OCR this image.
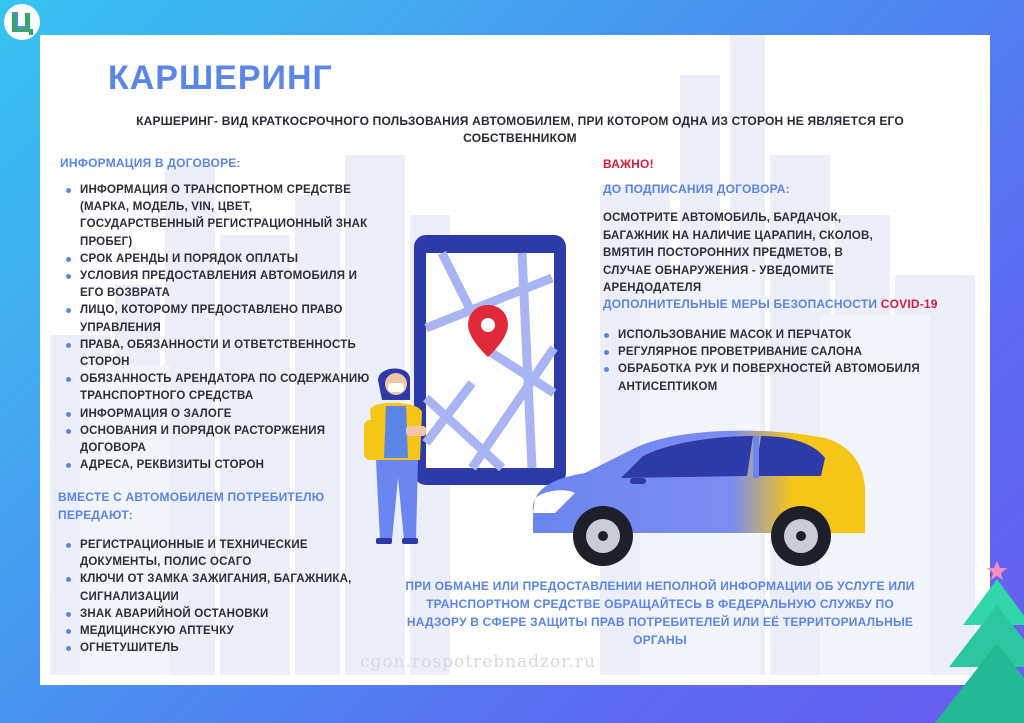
КАРШЕРИНГ
КАРШЕРИНГ- ВИД КРАТКОСРОЧНОГО ПОЛЬЗОВАНИЯ АВТОМОБИЛЕМ, ПРИ КОТОРОМ ОДНА ИЗ СТОРОН НЕ ЯВЛЯЕТСЯ ЕГО СОБСТВЕННИКОМ
ИНФОРМАЦИЯ В ДОГОВОРЕ:
ИНФОРМАЦИЯ О ТРАНСПОРТНОМ СРЕДСТВЕ (МАРКА, МОДЕЛЬ, VIN, ЦВЕТ, ГОСУДАРСТВЕННЫЙ РЕГИСТРАЦИОННЫЙ ЗНАК ПРОБЕГ)
СРОК АРЕНДЫ И ПОРЯДОК ОПЛАТЫ
УСЛОВИЯ ПРЕДОСТАВЛЕНИЯ АВТОМОБИЛЯ И ЕГО ВОЗВРАТА
ЛИЦО, КОТОРОМУ ПРЕДОСТАВЛЕНО ПРАВО УПРАВЛЕНИЯ
ПРАВА, ОБЯЗАННОСТИ И ОТВЕТСТВЕННОСТЬ СТОРОН
ОБЯЗАННОСТЬ АРЕНДАТОРА ПО СОДЕРЖАНИЮ ТРАНСПОРТНОГО СРЕДСТВА
ИНФОРМАЦИЯ О ЗАЛОГЕ
ОСНОВАНИЯ И ПОРЯДОК РАСТОРЖЕНИЯ ДОГОВОРА
АДРЕСА, РЕКВИЗИТЫ СТОРОН
ВМЕСТЕ С АВТОМОБИЛЕМ ПОТРЕБИТЕЛЮ ПЕРЕДАЮТ:
РЕГИСТРАЦИОННЫЕ И ТЕХНИЧЕСКИЕ ДОКУМЕНТЫ, ПОЛИС ОСАГО
КЛЮЧИ ОТ ЗАМКА ЗАЖИГАНИЯ, БАГАЖНИКА, СИГНАЛИЗАЦИИ
ЗНАК АВАРИЙНОЙ ОСТАНОВКИ
МЕДИЦИНСКУЮ АПТЕЧКУ
ОГНЕТУШИТЕЛЬ
ВАЖНО!
ДО ПОДПИСАНИЯ ДОГОВОРА:
ОСМОТРИТЕ АВТОМОБИЛЬ, БАРДАЧОК, БАГАЖНИК НА НАЛИЧИЕ ЦАРАПИН, СКОЛОВ, ВМЯТИН ПОСТОРОННИХ ПРЕДМЕТОВ, В СЛУЧАЕ ОБНАРУЖЕНИЯ - УВЕДОМИТЕ АРЕНДОДАТЕЛЯ
ДОПОЛНИТЕЛЬНЫЕ МЕРЫ БЕЗОПАСНОСТИ COVID-19
ИСПОЛЬЗОВАНИЕ МАСОК И ПЕРЧАТОК
РЕГУЛЯРНОЕ ПРОВЕТРИВАНИЕ САЛОНА
ОБРАБОТКА РУК И ПОВЕРХНОСТЕЙ АВТОМОБИЛЯ АНТИСЕПТИКОМ
ПРИ ОБМАНЕ ИЛИ ПРЕДОСТАВЛЕНИИ НЕПОЛНОЙ ИНФОРМАЦИИ ОБ УСЛУГЕ ИЛИ ТРАНСПОРТНОМ СРЕДСТВЕ ОБРАЩАЙТЕСЬ В ФЕДЕРАЛЬНУЮ СЛУЖБУ ПО НАДЗОРУ В СФЕРЕ ЗАЩИТЫ ПРАВ ПОТРЕБИТЕЛЕЙ ИЛИ ЕЁ ТЕРРИТОРИАЛЬНЫЕ ОРГАНЫ
cgon.rospotrebnadzor.ru
